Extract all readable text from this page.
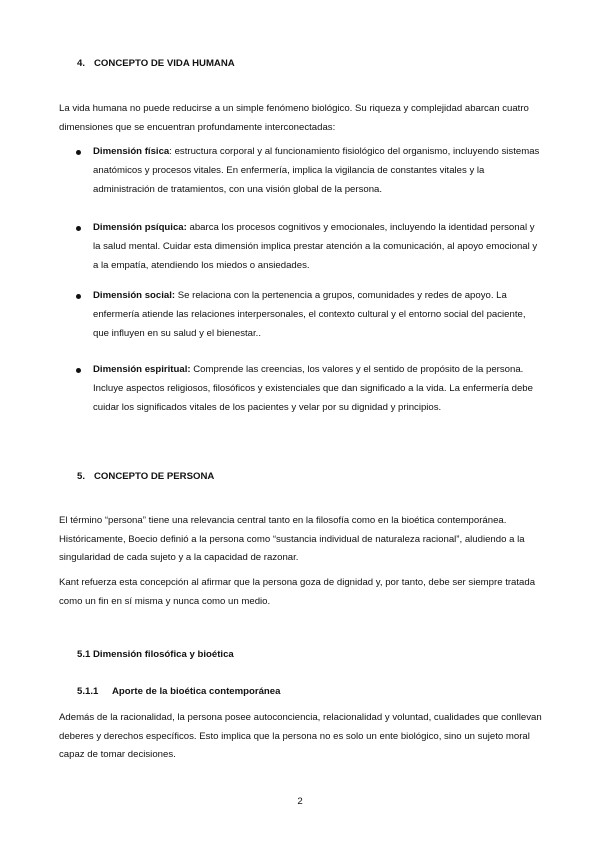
4. CONCEPTO DE VIDA HUMANA

La vida humana no puede reducirse a un simple fenómeno biológico. Su riqueza y complejidad abarcan cuatro dimensiones que se encuentran profundamente interconectadas:

Dimensión física: estructura corporal y al funcionamiento fisiológico del organismo, incluyendo sistemas anatómicos y procesos vitales. En enfermería, implica la vigilancia de constantes vitales y la administración de tratamientos, con una visión global de la persona.

Dimensión psíquica: abarca los procesos cognitivos y emocionales, incluyendo la identidad personal y la salud mental. Cuidar esta dimensión implica prestar atención a la comunicación, al apoyo emocional y a la empatía, atendiendo los miedos o ansiedades.

Dimensión social: Se relaciona con la pertenencia a grupos, comunidades y redes de apoyo. La enfermería atiende las relaciones interpersonales, el contexto cultural y el entorno social del paciente, que influyen en su salud y el bienestar..

Dimensión espiritual: Comprende las creencias, los valores y el sentido de propósito de la persona. Incluye aspectos religiosos, filosóficos y existenciales que dan significado a la vida. La enfermería debe cuidar los significados vitales de los pacientes y velar por su dignidad y principios.

5. CONCEPTO DE PERSONA

El término “persona” tiene una relevancia central tanto en la filosofía como en la bioética contemporánea. Históricamente, Boecio definió a la persona como “sustancia individual de naturaleza racional”, aludiendo a la singularidad de cada sujeto y a la capacidad de razonar.

Kant refuerza esta concepción al afirmar que la persona goza de dignidad y, por tanto, debe ser siempre tratada como un fin en sí misma y nunca como un medio.

5.1 Dimensión filosófica y bioética
5.1.1 Aporte de la bioética contemporánea

Además de la racionalidad, la persona posee autoconciencia, relacionalidad y voluntad, cualidades que conllevan deberes y derechos específicos. Esto implica que la persona no es solo un ente biológico, sino un sujeto moral capaz de tomar decisiones.

2
